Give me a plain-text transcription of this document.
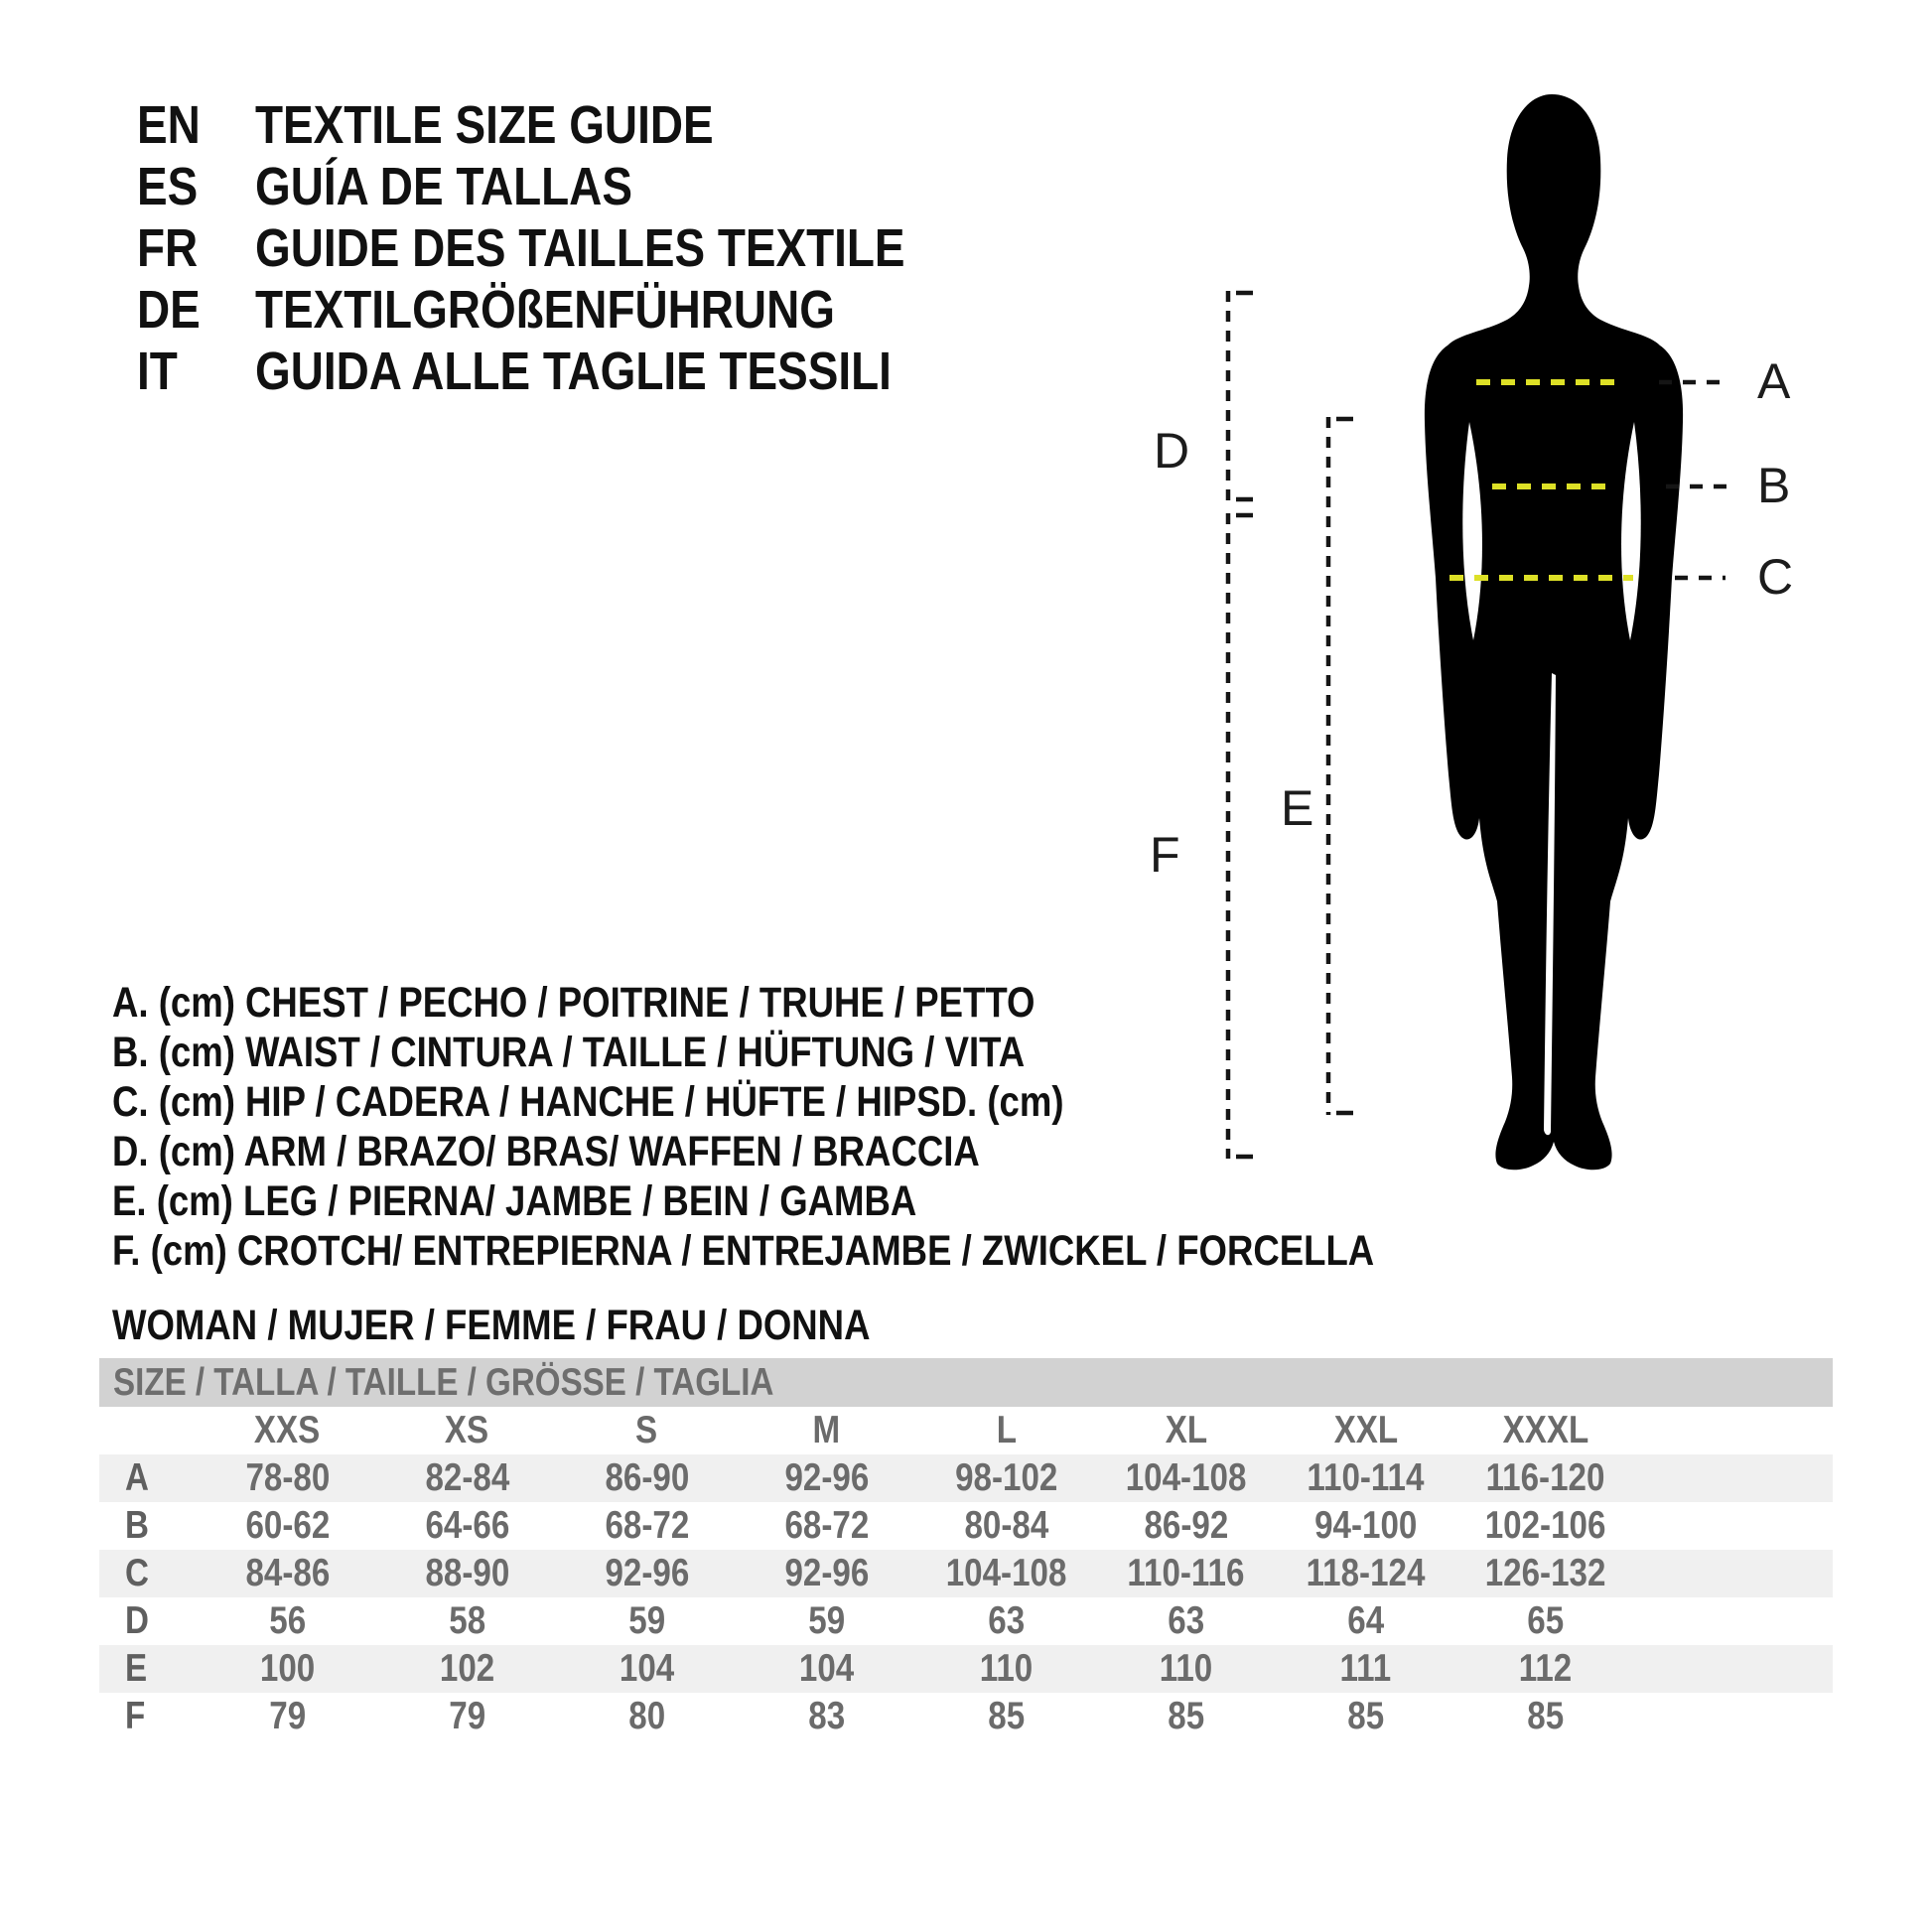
EN	TEXTILE SIZE GUIDE
ES	GUÍA DE TALLAS
FR	GUIDE DES TAILLES TEXTILE
DE	TEXTILGRÖßENFÜHRUNG
IT	GUIDA ALLE TAGLIE TESSILI	A
B
C
D
E
F
A. (cm) CHEST / PECHO / POITRINE / TRUHE / PETTO
B. (cm) WAIST / CINTURA / TAILLE / HÜFTUNG / VITA
C. (cm) HIP / CADERA / HANCHE / HÜFTE / HIPSD. (cm)
D. (cm) ARM / BRAZO/ BRAS/ WAFFEN / BRACCIA
E. (cm) LEG / PIERNA/ JAMBE / BEIN / GAMBA
F. (cm) CROTCH/ ENTREPIERNA / ENTREJAMBE / ZWICKEL / FORCELLA
WOMAN / MUJER / FEMME / FRAU / DONNA
SIZE / TALLA / TAILLE / GRÖSSE / TAGLIA
XXS	XS	S	M	L	XL	XXL	XXXL
A 78-80 82-84 86-90 92-96 98-102 104-108 110-114 116-120
B 60-62 64-66 68-72 68-72 80-84 86-92 94-100 102-106
C 84-86 88-90 92-96 92-96 104-108 110-116 118-124 126-132
D	56	58	59	59	63	63	64	65
E	100	102	104	104	110	110	111	112
F	79	79	80	83	85	85	85	85
